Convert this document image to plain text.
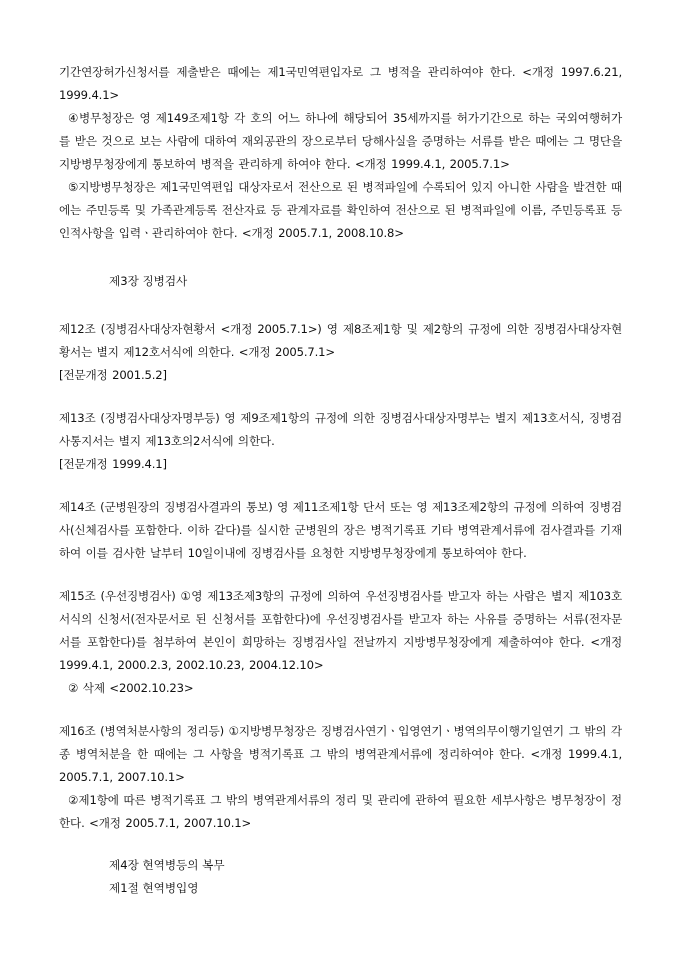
기간연장허가신청서를 제출받은 때에는 제1국민역편입자로 그 병적을 관리하여야 한다. <개정 1997.6.21, 1999.4.1>

④병무청장은 영 제149조제1항 각 호의 어느 하나에 해당되어 35세까지를 허가기간으로 하는 국외여행허가를 받은 것으로 보는 사람에 대하여 재외공관의 장으로부터 당해사실을 증명하는 서류를 받은 때에는 그 명단을 지방병무청장에게 통보하여 병적을 관리하게 하여야 한다. <개정 1999.4.1, 2005.7.1>

⑤지방병무청장은 제1국민역편입 대상자로서 전산으로 된 병적파일에 수록되어 있지 아니한 사람을 발견한 때에는 주민등록 및 가족관계등록 전산자료 등 관계자료를 확인하여 전산으로 된 병적파일에 이름, 주민등록표 등 인적사항을 입력ㆍ관리하여야 한다. <개정 2005.7.1, 2008.10.8>

제3장 징병검사

제12조 (징병검사대상자현황서 <개정 2005.7.1>) 영 제8조제1항 및 제2항의 규정에 의한 징병검사대상자현황서는 별지 제12호서식에 의한다. <개정 2005.7.1>

[전문개정 2001.5.2]

제13조 (징병검사대상자명부등) 영 제9조제1항의 규정에 의한 징병검사대상자명부는 별지 제13호서식, 징병검사통지서는 별지 제13호의2서식에 의한다.

[전문개정 1999.4.1]

제14조 (군병원장의 징병검사결과의 통보) 영 제11조제1항 단서 또는 영 제13조제2항의 규정에 의하여 징병검사(신체검사를 포함한다. 이하 같다)를 실시한 군병원의 장은 병적기록표 기타 병역관계서류에 검사결과를 기재하여 이를 검사한 날부터 10일이내에 징병검사를 요청한 지방병무청장에게 통보하여야 한다.

제15조 (우선징병검사) ①영 제13조제3항의 규정에 의하여 우선징병검사를 받고자 하는 사람은 별지 제103호서식의 신청서(전자문서로 된 신청서를 포함한다)에 우선징병검사를 받고자 하는 사유를 증명하는 서류(전자문서를 포함한다)를 첨부하여 본인이 희망하는 징병검사일 전날까지 지방병무청장에게 제출하여야 한다. <개정 1999.4.1, 2000.2.3, 2002.10.23, 2004.12.10>

② 삭제 <2002.10.23>

제16조 (병역처분사항의 정리등) ①지방병무청장은 징병검사연기ㆍ입영연기ㆍ병역의무이행기일연기 그 밖의 각종 병역처분을 한 때에는 그 사항을 병적기록표 그 밖의 병역관계서류에 정리하여야 한다. <개정 1999.4.1, 2005.7.1, 2007.10.1>

②제1항에 따른 병적기록표 그 밖의 병역관계서류의 정리 및 관리에 관하여 필요한 세부사항은 병무청장이 정한다. <개정 2005.7.1, 2007.10.1>

제4장 현역병등의 복무

제1절 현역병입영
